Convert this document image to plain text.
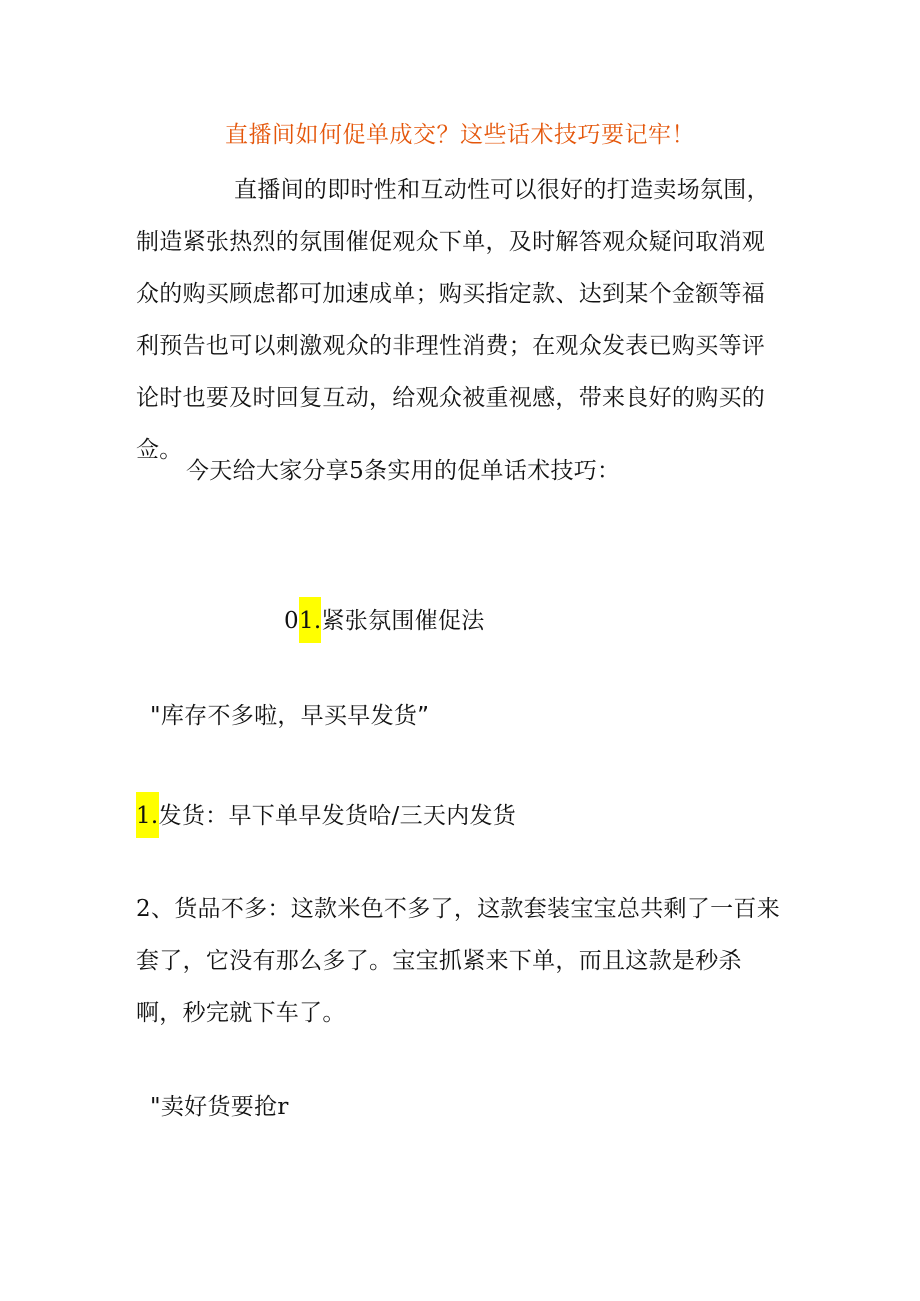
直播间如何促单成交？这些话术技巧要记牢！
直播间的即时性和互动性可以很好的打造卖场氛围，制造紧张热烈的氛围催促观众下单，及时解答观众疑问取消观众的购买顾虑都可加速成单；购买指定款、达到某个金额等福利预告也可以刺激观众的非理性消费；在观众发表已购买等评论时也要及时回复互动，给观众被重视感，带来良好的购买的佥。
今天给大家分享5条实用的促单话术技巧：
01.紧张氛围催促法
"库存不多啦，早买早发货”
1.发货：早下单早发货哈/三天内发货
2、货品不多：这款米色不多了，这款套装宝宝总共剩了一百来套了，它没有那么多了。宝宝抓紧来下单，而且这款是秒杀啊，秒完就下车了。
"卖好货要抢r
